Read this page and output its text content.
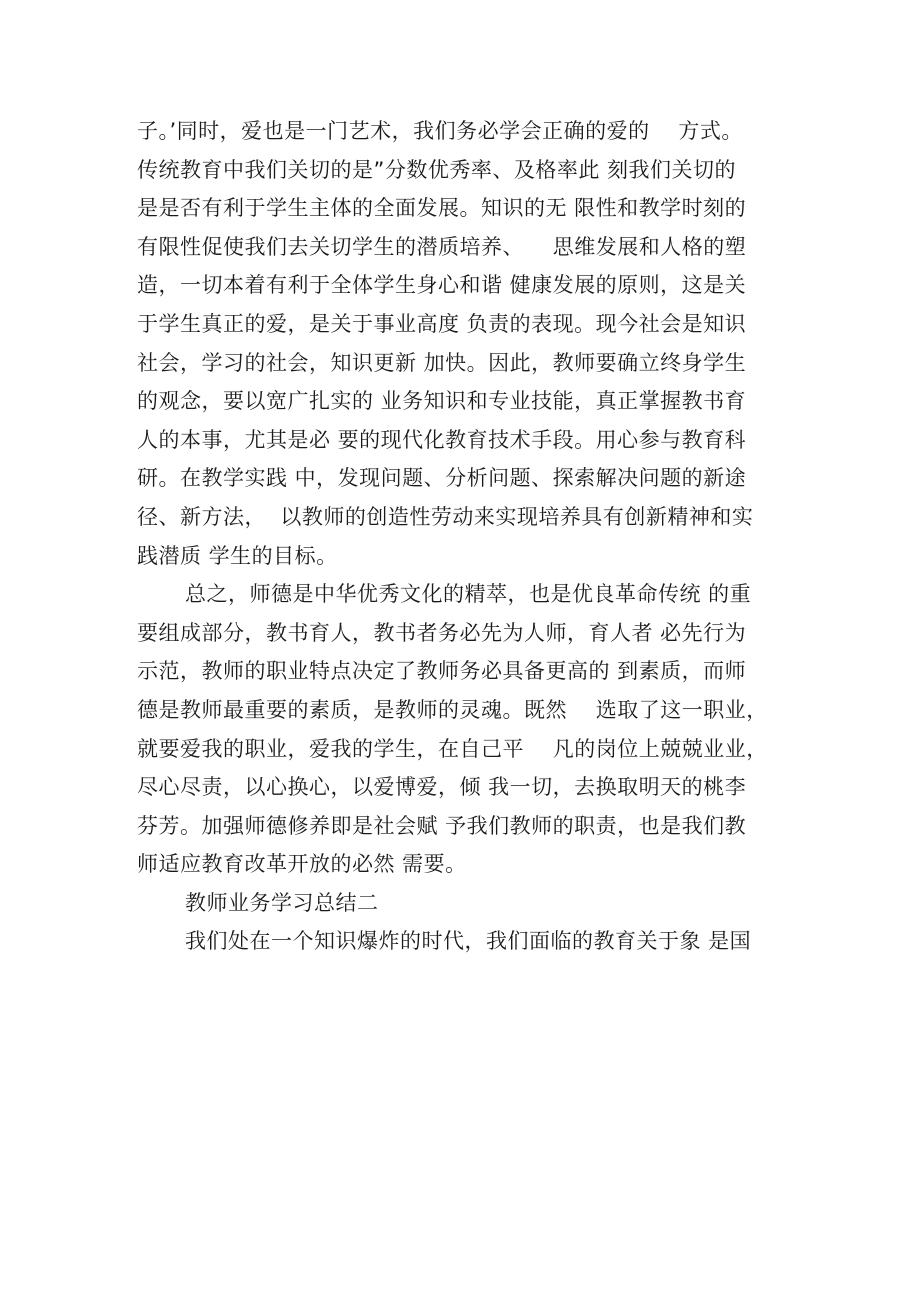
子。’同时，爱也是一门艺术，我们务必学会正确的爱的    方式。
传统教育中我们关切的是”分数优秀率、及格率此 刻我们关切的
是是否有利于学生主体的全面发展。知识的无 限性和教学时刻的
有限性促使我们去关切学生的潜质培养、    思维发展和人格的塑
造，一切本着有利于全体学生身心和谐 健康发展的原则，这是关
于学生真正的爱，是关于事业高度 负责的表现。现今社会是知识
社会，学习的社会，知识更新 加快。因此，教师要确立终身学生
的观念，要以宽广扎实的 业务知识和专业技能，真正掌握教书育
人的本事，尤其是必 要的现代化教育技术手段。用心参与教育科
研。在教学实践 中，发现问题、分析问题、探索解决问题的新途
径、新方法，  以教师的创造性劳动来实现培养具有创新精神和实
践潜质 学生的目标。
总之，师德是中华优秀文化的精萃，也是优良革命传统 的重
要组成部分，教书育人，教书者务必先为人师，育人者 必先行为
示范，教师的职业特点决定了教师务必具备更高的 到素质，而师
德是教师最重要的素质，是教师的灵魂。既然    选取了这一职业，
就要爱我的职业，爱我的学生，在自己平    凡的岗位上兢兢业业，
尽心尽责，以心换心，以爱博爱，倾 我一切，去换取明天的桃李
芬芳。加强师德修养即是社会赋 予我们教师的职责，也是我们教
师适应教育改革开放的必然 需要。
教师业务学习总结二
我们处在一个知识爆炸的时代，我们面临的教育关于象 是国
